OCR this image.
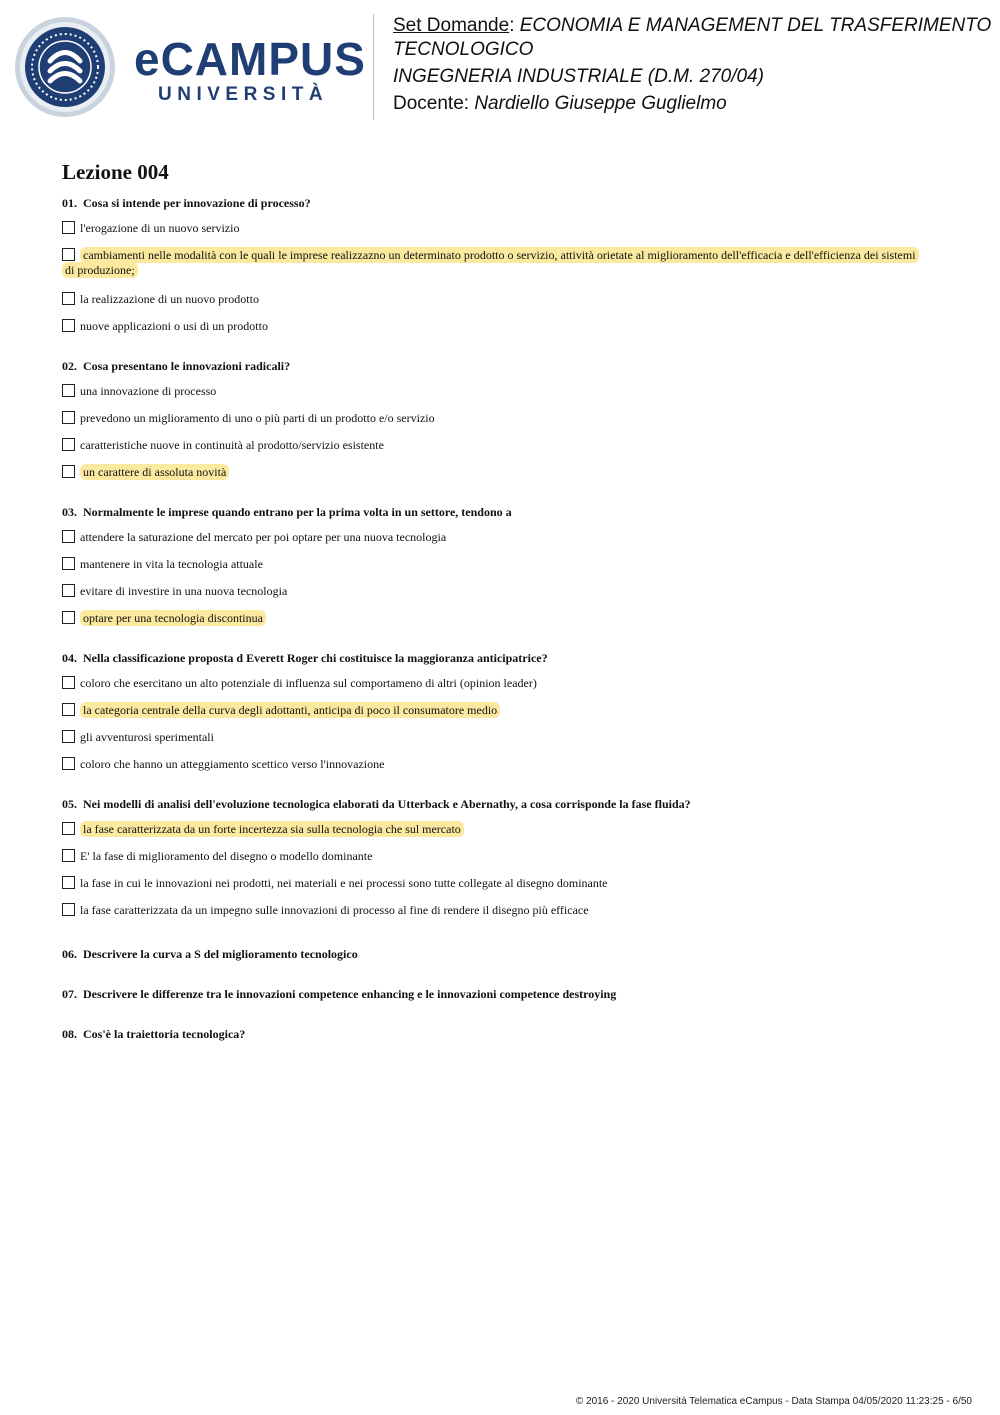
eCAMPUS
UNIVERSITÀ

Set Domande: ECONOMIA E MANAGEMENT DEL TRASFERIMENTO TECNOLOGICO

INGEGNERIA INDUSTRIALE (D.M. 270/04)

Docente: Nardiello Giuseppe Guglielmo

Lezione 004

01. Cosa si intende per innovazione di processo?

l'erogazione di un nuovo servizio
cambiamenti nelle modalità con le quali le imprese realizzazno un determinato prodotto o servizio, attività orietate al miglioramento dell'efficacia e dell'efficienza dei sistemi di produzione;
la realizzazione di un nuovo prodotto
nuove applicazioni o usi di un prodotto

02. Cosa presentano le innovazioni radicali?

una innovazione di processo
prevedono un miglioramento di uno o più parti di un prodotto e/o servizio
caratteristiche nuove in continuità al prodotto/servizio esistente
un carattere di assoluta novità

03. Normalmente le imprese quando entrano per la prima volta in un settore, tendono a

attendere la saturazione del mercato per poi optare per una nuova tecnologia
mantenere in vita la tecnologia attuale
evitare di investire in una nuova tecnologia
optare per una tecnologia discontinua

04. Nella classificazione proposta d Everett Roger chi costituisce la maggioranza anticipatrice?

coloro che esercitano un alto potenziale di influenza sul comportameno di altri (opinion leader)
la categoria centrale della curva degli adottanti, anticipa di poco il consumatore medio
gli avventurosi sperimentali
coloro che hanno un atteggiamento scettico verso l'innovazione

05. Nei modelli di analisi dell'evoluzione tecnologica elaborati da Utterback e Abernathy, a cosa corrisponde la fase fluida?

la fase caratterizzata da un forte incertezza sia sulla tecnologia che sul mercato
E' la fase di miglioramento del disegno o modello dominante
la fase in cui le innovazioni nei prodotti, nei materiali e nei processi sono tutte collegate al disegno dominante
la fase caratterizzata da un impegno sulle innovazioni di processo al fine di rendere il disegno più efficace

06. Descrivere la curva a S del miglioramento tecnologico

07. Descrivere le differenze tra le innovazioni competence enhancing e le innovazioni competence destroying

08. Cos'è la traiettoria tecnologica?

© 2016 - 2020 Università Telematica eCampus - Data Stampa 04/05/2020 11:23:25 - 6/50
